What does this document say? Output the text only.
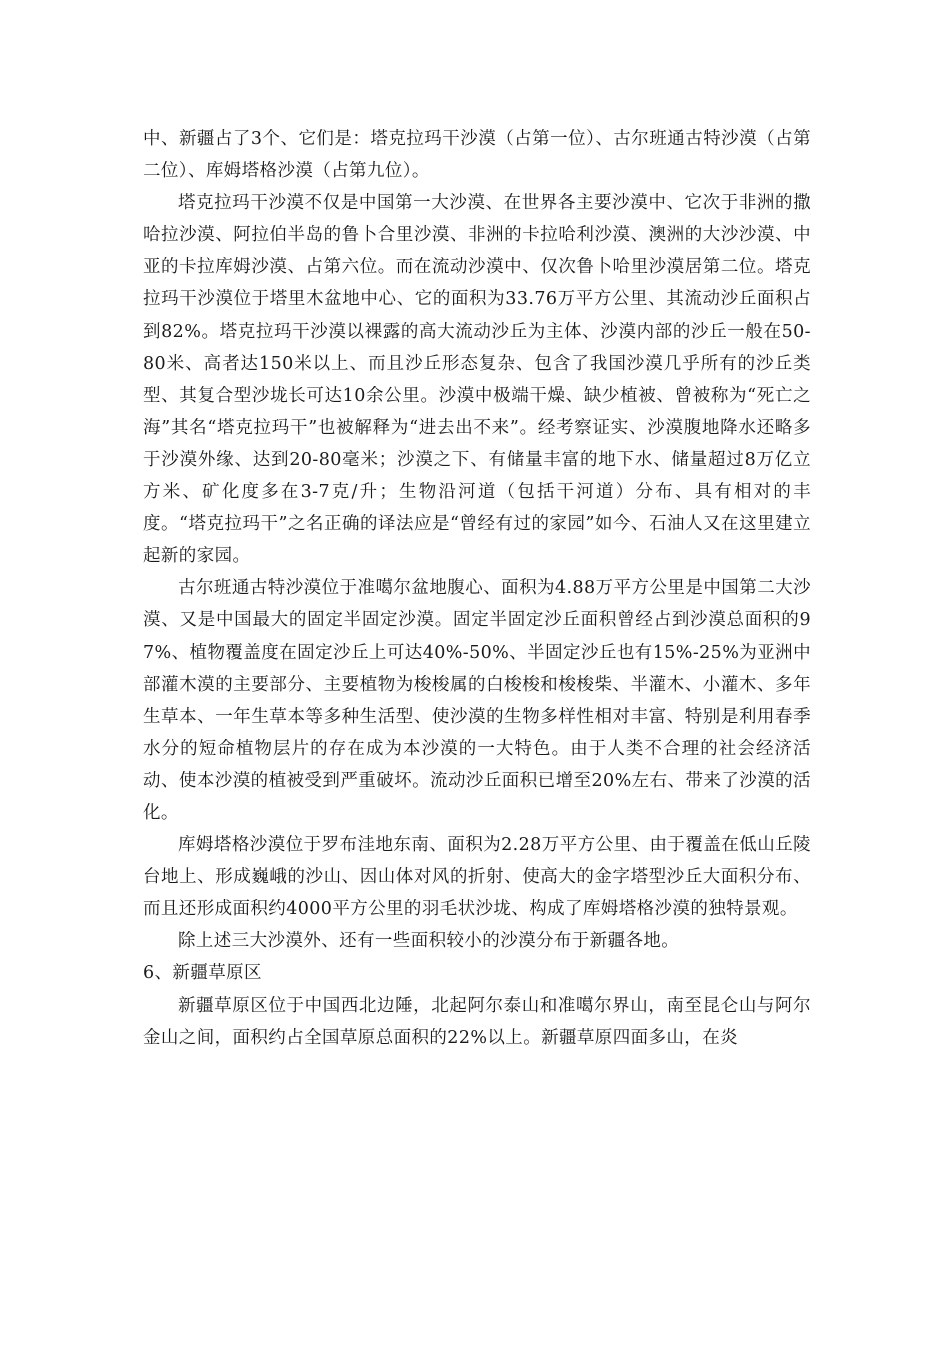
中、新疆占了3个、它们是：塔克拉玛干沙漠（占第一位）、古尔班通古特沙漠（占第二位）、库姆塔格沙漠（占第九位）。

塔克拉玛干沙漠不仅是中国第一大沙漠、在世界各主要沙漠中、它次于非洲的撒哈拉沙漠、阿拉伯半岛的鲁卜合里沙漠、非洲的卡拉哈利沙漠、澳洲的大沙沙漠、中亚的卡拉库姆沙漠、占第六位。而在流动沙漠中、仅次鲁卜哈里沙漠居第二位。塔克拉玛干沙漠位于塔里木盆地中心、它的面积为33.76万平方公里、其流动沙丘面积占到82%。塔克拉玛干沙漠以裸露的高大流动沙丘为主体、沙漠内部的沙丘一般在50-80米、高者达150米以上、而且沙丘形态复杂、包含了我国沙漠几乎所有的沙丘类型、其复合型沙垅长可达10余公里。沙漠中极端干燥、缺少植被、曾被称为“死亡之海”其名“塔克拉玛干”也被解释为“进去出不来”。经考察证实、沙漠腹地降水还略多于沙漠外缘、达到20-80毫米；沙漠之下、有储量丰富的地下水、储量超过8万亿立方米、矿化度多在3-7克/升；生物沿河道（包括干河道）分布、具有相对的丰度。“塔克拉玛干”之名正确的译法应是“曾经有过的家园”如今、石油人又在这里建立起新的家园。

古尔班通古特沙漠位于准噶尔盆地腹心、面积为4.88万平方公里是中国第二大沙漠、又是中国最大的固定半固定沙漠。固定半固定沙丘面积曾经占到沙漠总面积的97%、植物覆盖度在固定沙丘上可达40%-50%、半固定沙丘也有15%-25%为亚洲中部灌木漠的主要部分、主要植物为梭梭属的白梭梭和梭梭柴、半灌木、小灌木、多年生草本、一年生草本等多种生活型、使沙漠的生物多样性相对丰富、特别是利用春季水分的短命植物层片的存在成为本沙漠的一大特色。由于人类不合理的社会经济活动、使本沙漠的植被受到严重破坏。流动沙丘面积已增至20%左右、带来了沙漠的活化。

库姆塔格沙漠位于罗布洼地东南、面积为2.28万平方公里、由于覆盖在低山丘陵台地上、形成巍峨的沙山、因山体对风的折射、使高大的金字塔型沙丘大面积分布、而且还形成面积约4000平方公里的羽毛状沙垅、构成了库姆塔格沙漠的独特景观。

除上述三大沙漠外、还有一些面积较小的沙漠分布于新疆各地。

6、新疆草原区

新疆草原区位于中国西北边陲，北起阿尔泰山和准噶尔界山，南至昆仑山与阿尔金山之间，面积约占全国草原总面积的22%以上。新疆草原四面多山，在炎
